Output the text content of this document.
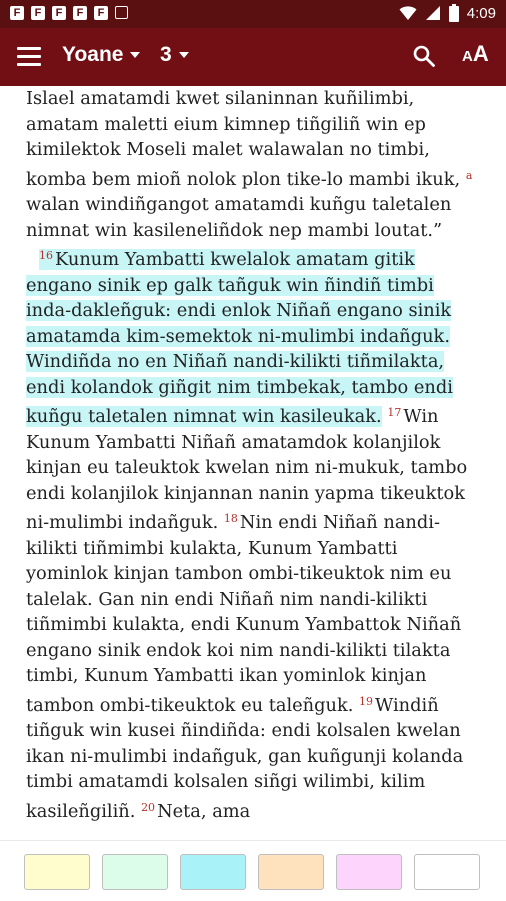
F	F	F	F	F	4:09
Yoane 3	AA

Islael amatamdi kwet silaninnan kuñilimbi, amatam maletti eium kimnep tiñgiliñ win ep kimilektok Moseli malet walawalan no timbi, komba bem mioñ nolok plon tike-lo mambi ikuk, $^a$ walan windiñgangot amatamdi kuñgu taletalen nimnat win kasileneliñdok nep mambi loutat.”

$^{16}$ Kunum Yambatti kwelalok amatam gitik engano sinik ep galk tañguk win ñindiñ timbi inda-dakleñguk: endi enlok Niñañ engano sinik amatamda kim-semektok ni-mulimbi indañguk. Windiñda no en Niñañ nandi-kilikti tiñmilakta, endi kolandok giñgit nim timbekak, tambo endi kuñgu taletalen nimnat win kasileukak. $^{17}$ Win Kunum Yambatti Niñañ amatamdok kolanjilok kinjan eu taleuktok kwelan nim ni-mukuk, tambo endi kolanjilok kinjannan nanin yapma tikeuktok ni-mulimbi indañguk. $^{18}$ Nin endi Niñañ nandi-kilikti tiñmimbi kulakta, Kunum Yambatti yominlok kinjan tambon ombi-tikeuktok nim eu talelak. Gan nin endi Niñañ nim nandi-kilikti tiñmimbi kulakta, endi Kunum Yambattok Niñañ engano sinik endok koi nim nandi-kilikti tilakta timbi, Kunum Yambatti ikan yominlok kinjan tambon ombi-tikeuktok eu taleñguk. $^{19}$ Windiñ tiñguk win kusei ñindiñda: endi kolsalen kwelan ikan ni-mulimbi indañguk, gan kuñgunji kolanda timbi amatamdi kolsalen siñgi wilimbi, kilim kasileñgiliñ. $^{20}$ Neta, ama
